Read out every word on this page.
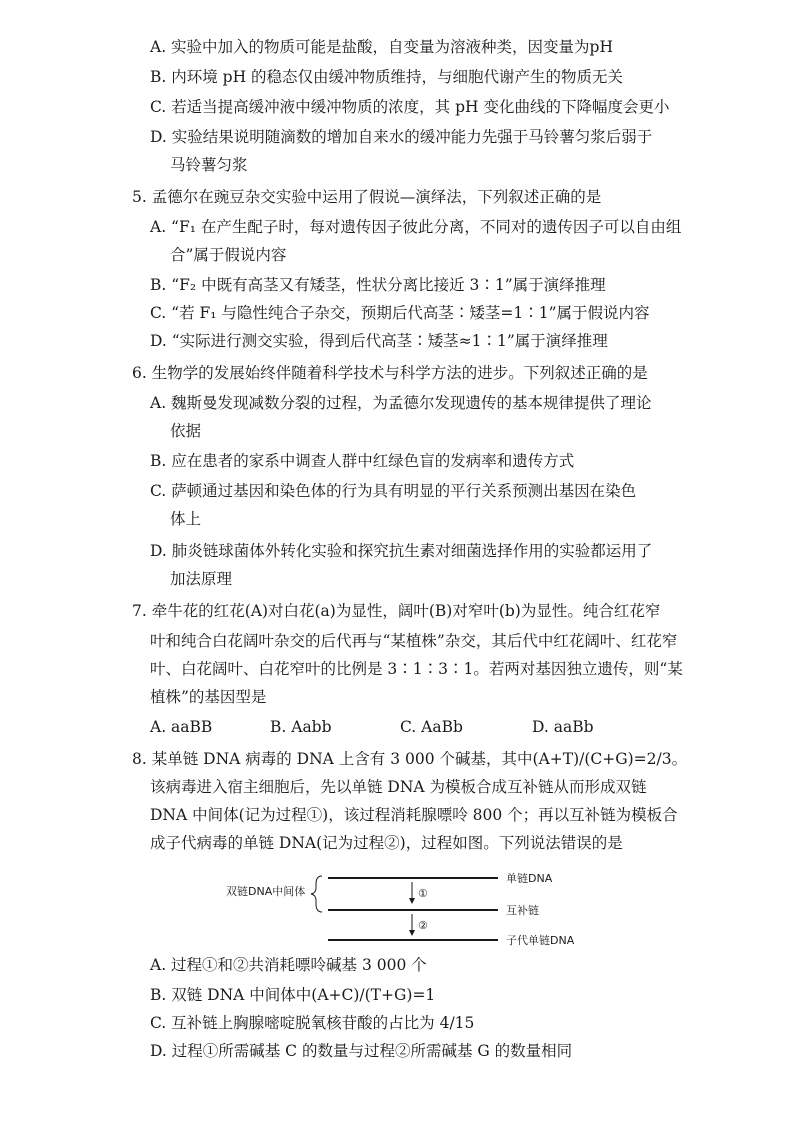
A. 实验中加入的物质可能是盐酸，自变量为溶液种类，因变量为pH
B. 内环境 pH 的稳态仅由缓冲物质维持，与细胞代谢产生的物质无关
C. 若适当提高缓冲液中缓冲物质的浓度，其 pH 变化曲线的下降幅度会更小
D. 实验结果说明随滴数的增加自来水的缓冲能力先强于马铃薯匀浆后弱于
马铃薯匀浆
5. 孟德尔在豌豆杂交实验中运用了假说—演绎法，下列叙述正确的是
A. “F₁ 在产生配子时，每对遗传因子彼此分离，不同对的遗传因子可以自由组
合”属于假说内容
B. “F₂ 中既有高茎又有矮茎，性状分离比接近 3∶1”属于演绎推理
C. “若 F₁ 与隐性纯合子杂交，预期后代高茎∶矮茎=1∶1”属于假说内容
D. “实际进行测交实验，得到后代高茎∶矮茎≈1∶1”属于演绎推理
6. 生物学的发展始终伴随着科学技术与科学方法的进步。下列叙述正确的是
A. 魏斯曼发现减数分裂的过程，为孟德尔发现遗传的基本规律提供了理论
依据
B. 应在患者的家系中调查人群中红绿色盲的发病率和遗传方式
C. 萨顿通过基因和染色体的行为具有明显的平行关系预测出基因在染色
体上
D. 肺炎链球菌体外转化实验和探究抗生素对细菌选择作用的实验都运用了
加法原理
7. 牵牛花的红花(A)对白花(a)为显性，阔叶(B)对窄叶(b)为显性。纯合红花窄
叶和纯合白花阔叶杂交的后代再与“某植株”杂交，其后代中红花阔叶、红花窄
叶、白花阔叶、白花窄叶的比例是 3∶1∶3∶1。若两对基因独立遗传，则“某
植株”的基因型是
A. aaBB	B. Aabb	C. AaBb	D. aaBb
8. 某单链 DNA 病毒的 DNA 上含有 3 000 个碱基，其中(A+T)/(C+G)=2/3。
该病毒进入宿主细胞后，先以单链 DNA 为模板合成互补链从而形成双链
DNA 中间体(记为过程①)，该过程消耗腺嘌呤 800 个；再以互补链为模板合
成子代病毒的单链 DNA(记为过程②)，过程如图。下列说法错误的是
双链DNA中间体
单链DNA
①
互补链
②
子代单链DNA
A. 过程①和②共消耗嘌呤碱基 3 000 个
B. 双链 DNA 中间体中(A+C)/(T+G)=1
C. 互补链上胸腺嘧啶脱氧核苷酸的占比为 4/15
D. 过程①所需碱基 C 的数量与过程②所需碱基 G 的数量相同
